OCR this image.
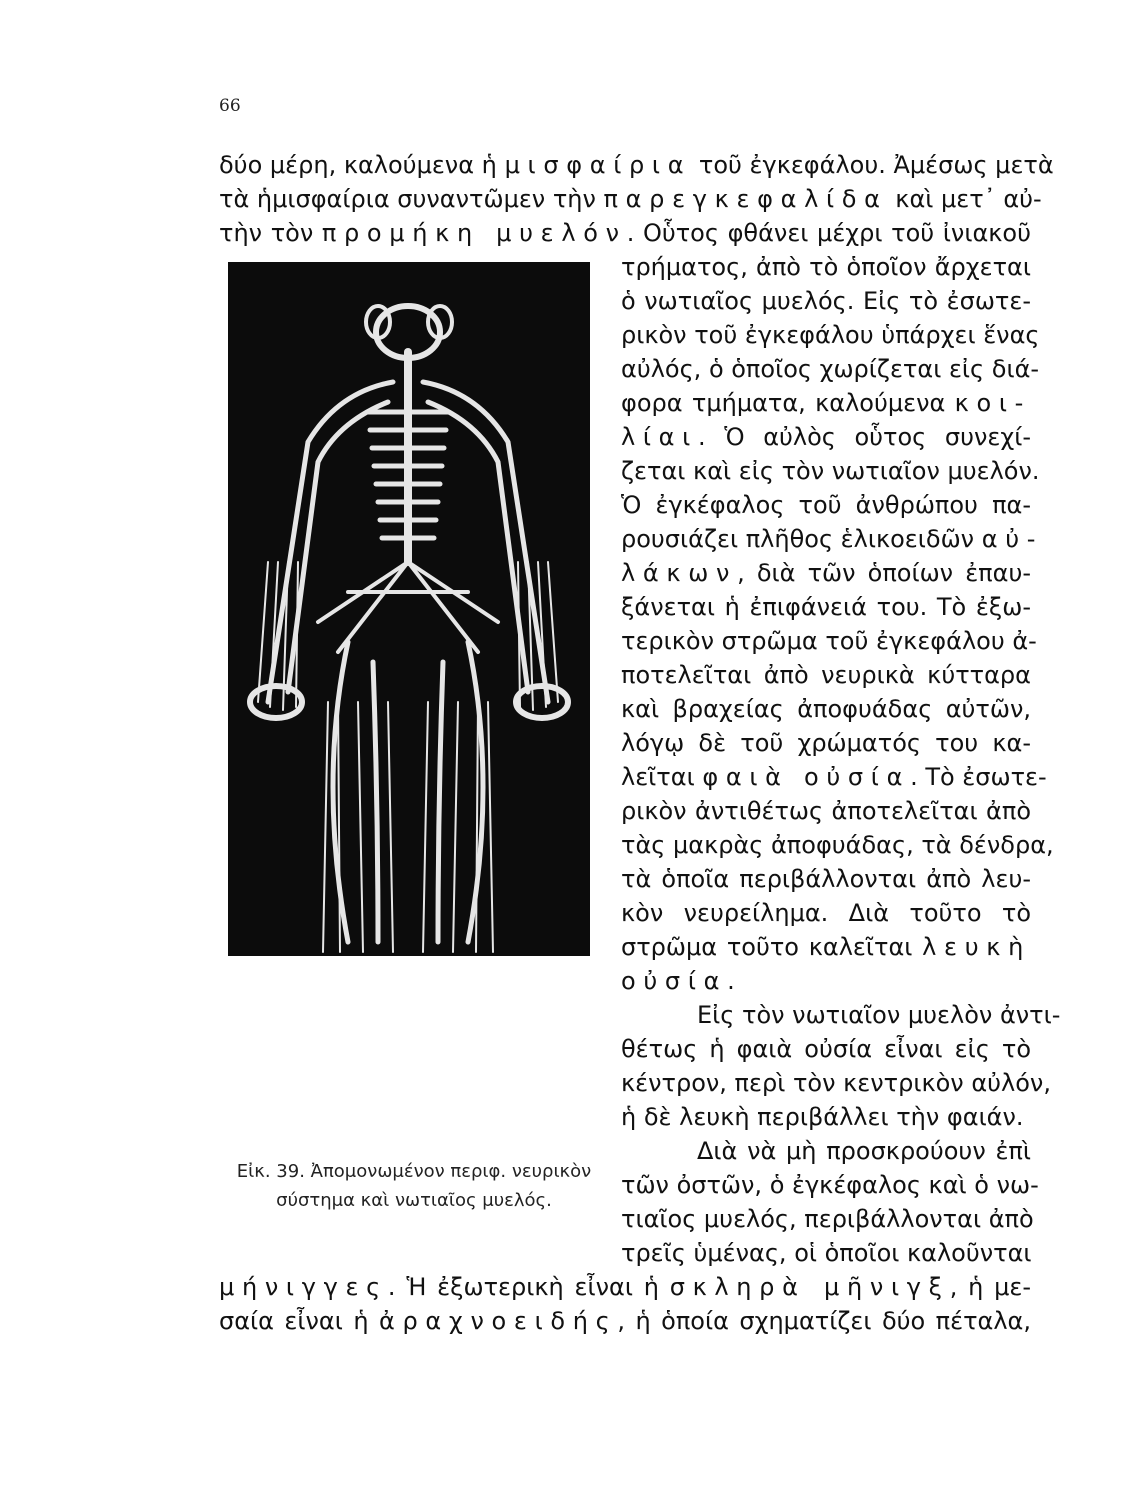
66
δύο μέρη, καλούμενα ἡμισφαίρια τοῦ ἐγκεφάλου. Ἀμέσως μετὰ
τὰ ἡμισφαίρια συναντῶμεν τὴν παρεγκεφαλίδα καὶ μετ᾽ αὐ-
τὴν τὸν προμήκη μυελόν. Οὗτος φθάνει μέχρι τοῦ ἰνιακοῦ
τρήματος, ἀπὸ τὸ ὁποῖον ἄρχεται
ὁ νωτιαῖος μυελός. Εἰς τὸ ἐσωτε-
ρικὸν τοῦ ἐγκεφάλου ὑπάρχει ἕνας
αὐλός, ὁ ὁποῖος χωρίζεται εἰς διά-
φορα τμήματα, καλούμενα κοι-
λίαι. Ὁ αὐλὸς οὗτος συνεχί-
ζεται καὶ εἰς τὸν νωτιαῖον μυελόν.
Ὁ ἐγκέφαλος τοῦ ἀνθρώπου πα-
ρουσιάζει πλῆθος ἑλικοειδῶν αὐ-
λάκων, διὰ τῶν ὁποίων ἐπαυ-
ξάνεται ἡ ἐπιφάνειά του. Τὸ ἐξω-
τερικὸν στρῶμα τοῦ ἐγκεφάλου ἀ-
ποτελεῖται ἀπὸ νευρικὰ κύτταρα
καὶ βραχείας ἀποφυάδας αὐτῶν,
λόγῳ δὲ τοῦ χρώματός του κα-
λεῖται φαιὰ οὐσία. Τὸ ἐσωτε-
ρικὸν ἀντιθέτως ἀποτελεῖται ἀπὸ
τὰς μακρὰς ἀποφυάδας, τὰ δένδρα,
τὰ ὁποῖα περιβάλλονται ἀπὸ λευ-
κὸν νευρείλημα. Διὰ τοῦτο τὸ
στρῶμα τοῦτο καλεῖται λευκὴ
οὐσία.
Εἰς τὸν νωτιαῖον μυελὸν ἀντι-
θέτως ἡ φαιὰ οὐσία εἶναι εἰς τὸ
κέντρον, περὶ τὸν κεντρικὸν αὐλόν,
ἡ δὲ λευκὴ περιβάλλει τὴν φαιάν.
Διὰ νὰ μὴ προσκρούουν ἐπὶ
τῶν ὀστῶν, ὁ ἐγκέφαλος καὶ ὁ νω-
τιαῖος μυελός, περιβάλλονται ἀπὸ
τρεῖς ὑμένας, οἱ ὁποῖοι καλοῦνται
μήνιγγες. Ἡ ἐξωτερικὴ εἶναι ἡ σκληρὰ μῆνιγξ, ἡ με-
σαία εἶναι ἡ ἀραχνοειδής, ἡ ὁποία σχηματίζει δύο πέταλα,
Εἰκ. 39. Ἀπομονωμένον περιφ. νευρικὸν
σύστημα καὶ νωτιαῖος μυελός.
